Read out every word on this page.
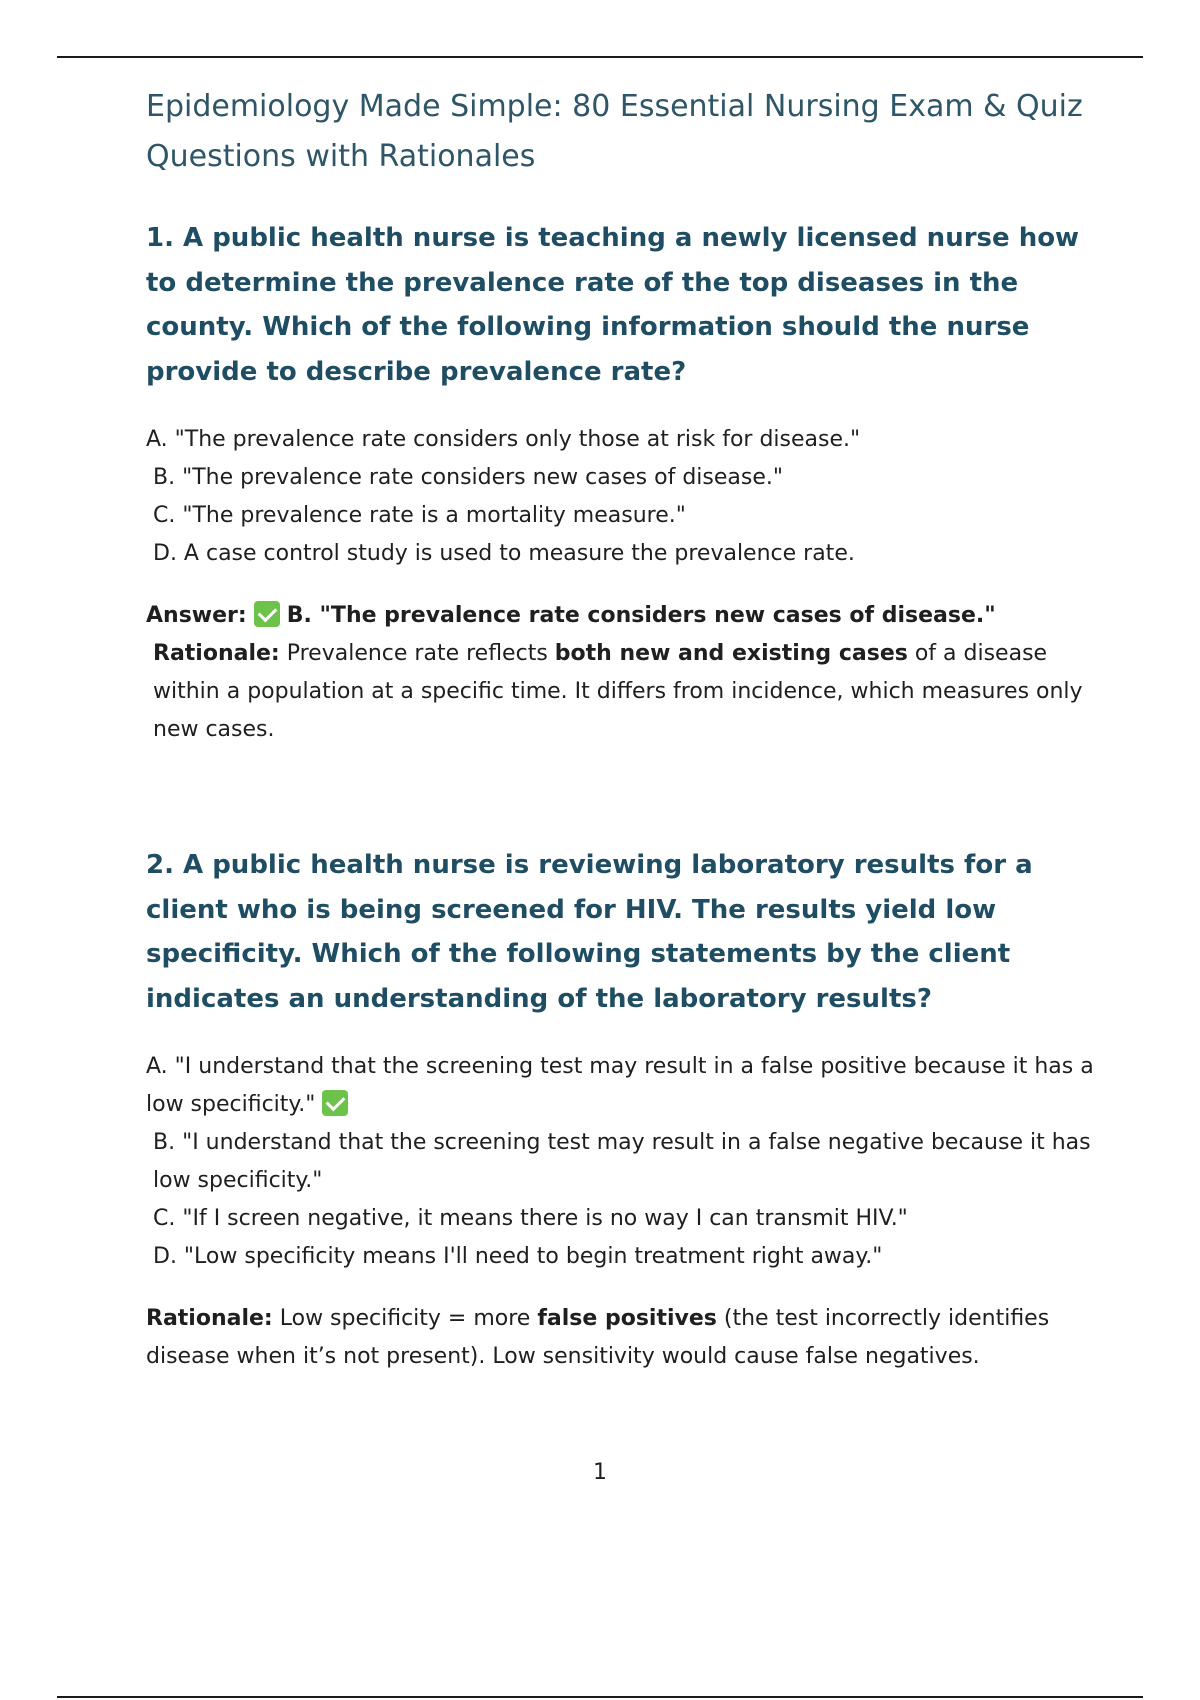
Epidemiology Made Simple: 80 Essential Nursing Exam & Quiz Questions with Rationales
1. A public health nurse is teaching a newly licensed nurse how to determine the prevalence rate of the top diseases in the county. Which of the following information should the nurse provide to describe prevalence rate?
A. "The prevalence rate considers only those at risk for disease."
B. "The prevalence rate considers new cases of disease."
C. "The prevalence rate is a mortality measure."
D. A case control study is used to measure the prevalence rate.
Answer: B. "The prevalence rate considers new cases of disease."
Rationale: Prevalence rate reflects both new and existing cases of a disease within a population at a specific time. It differs from incidence, which measures only new cases.
2. A public health nurse is reviewing laboratory results for a client who is being screened for HIV. The results yield low specificity. Which of the following statements by the client indicates an understanding of the laboratory results?
A. "I understand that the screening test may result in a false positive because it has a low specificity."
B. "I understand that the screening test may result in a false negative because it has low specificity."
C. "If I screen negative, it means there is no way I can transmit HIV."
D. "Low specificity means I'll need to begin treatment right away."
Rationale: Low specificity = more false positives (the test incorrectly identifies disease when it’s not present). Low sensitivity would cause false negatives.
1
